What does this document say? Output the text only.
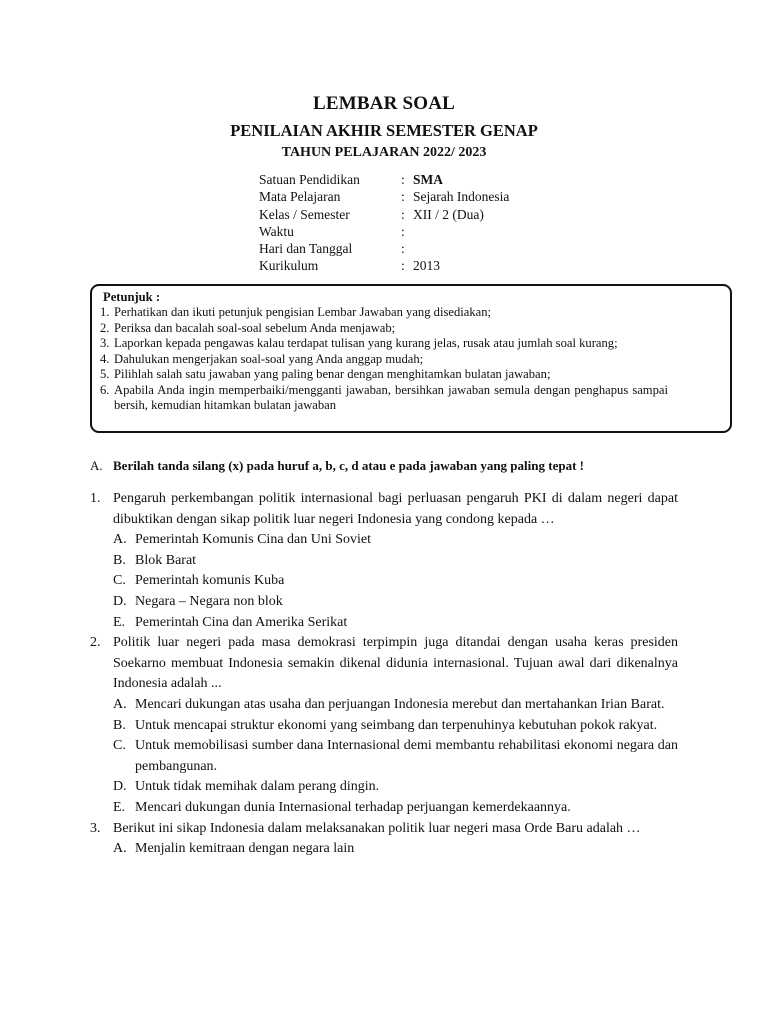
LEMBAR SOAL
PENILAIAN AKHIR SEMESTER GENAP
TAHUN PELAJARAN 2022/ 2023
Satuan Pendidikan	: SMA
Mata Pelajaran	: Sejarah Indonesia
Kelas / Semester	: XII / 2 (Dua)
Waktu	:
Hari dan Tanggal	:
Kurikulum	: 2013
Petunjuk :
1. Perhatikan dan ikuti petunjuk pengisian Lembar Jawaban yang disediakan;
2. Periksa dan bacalah soal-soal sebelum Anda menjawab;
3. Laporkan kepada pengawas kalau terdapat tulisan yang kurang jelas, rusak atau jumlah soal kurang;
4. Dahulukan mengerjakan soal-soal yang Anda anggap mudah;
5. Pilihlah salah satu jawaban yang paling benar dengan menghitamkan bulatan jawaban;
6. Apabila Anda ingin memperbaiki/mengganti jawaban, bersihkan jawaban semula dengan penghapus sampai bersih, kemudian hitamkan bulatan jawaban
A. Berilah tanda silang (x) pada huruf a, b, c, d atau e pada jawaban yang paling tepat !
1. Pengaruh perkembangan politik internasional bagi perluasan pengaruh PKI di dalam negeri dapat dibuktikan dengan sikap politik luar negeri Indonesia yang condong kepada …
A. Pemerintah Komunis Cina dan Uni Soviet
B. Blok Barat
C. Pemerintah komunis Kuba
D. Negara – Negara non blok
E. Pemerintah Cina dan Amerika Serikat
2. Politik luar negeri pada masa demokrasi terpimpin juga ditandai dengan usaha keras presiden Soekarno membuat Indonesia semakin dikenal didunia internasional. Tujuan awal dari dikenalnya Indonesia adalah ...
A. Mencari dukungan atas usaha dan perjuangan Indonesia merebut dan mertahankan Irian Barat.
B. Untuk mencapai struktur ekonomi yang seimbang dan terpenuhinya kebutuhan pokok rakyat.
C. Untuk memobilisasi sumber dana Internasional demi membantu rehabilitasi ekonomi negara dan pembangunan.
D. Untuk tidak memihak dalam perang dingin.
E. Mencari dukungan dunia Internasional terhadap perjuangan kemerdekaannya.
3. Berikut ini sikap Indonesia dalam melaksanakan politik luar negeri masa Orde Baru adalah …
A. Menjalin kemitraan dengan negara lain
